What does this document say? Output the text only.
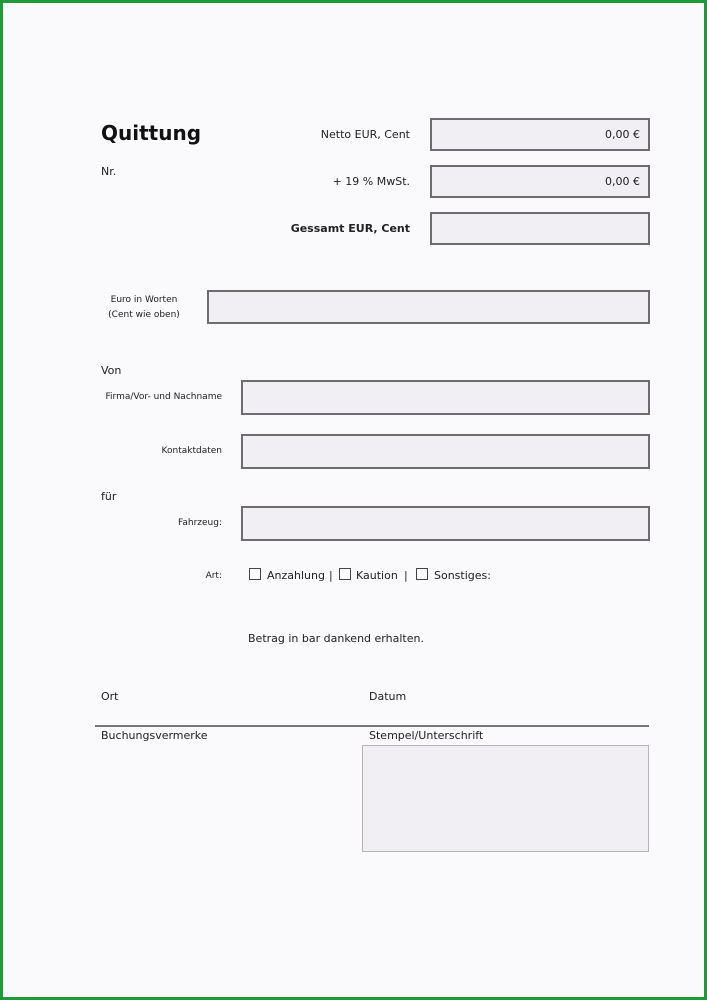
Quittung
Nr.
Netto EUR, Cent	0,00 €
+ 19 % MwSt.	0,00 €
Gessamt EUR, Cent
Euro in Worten
(Cent wie oben)
Von
Firma/Vor- und Nachname
Kontaktdaten
für
Fahrzeug:
Art:	Anzahlung | Kaution | Sonstiges:
Betrag in bar dankend erhalten.
Ort	Datum
Buchungsvermerke	Stempel/Unterschrift
